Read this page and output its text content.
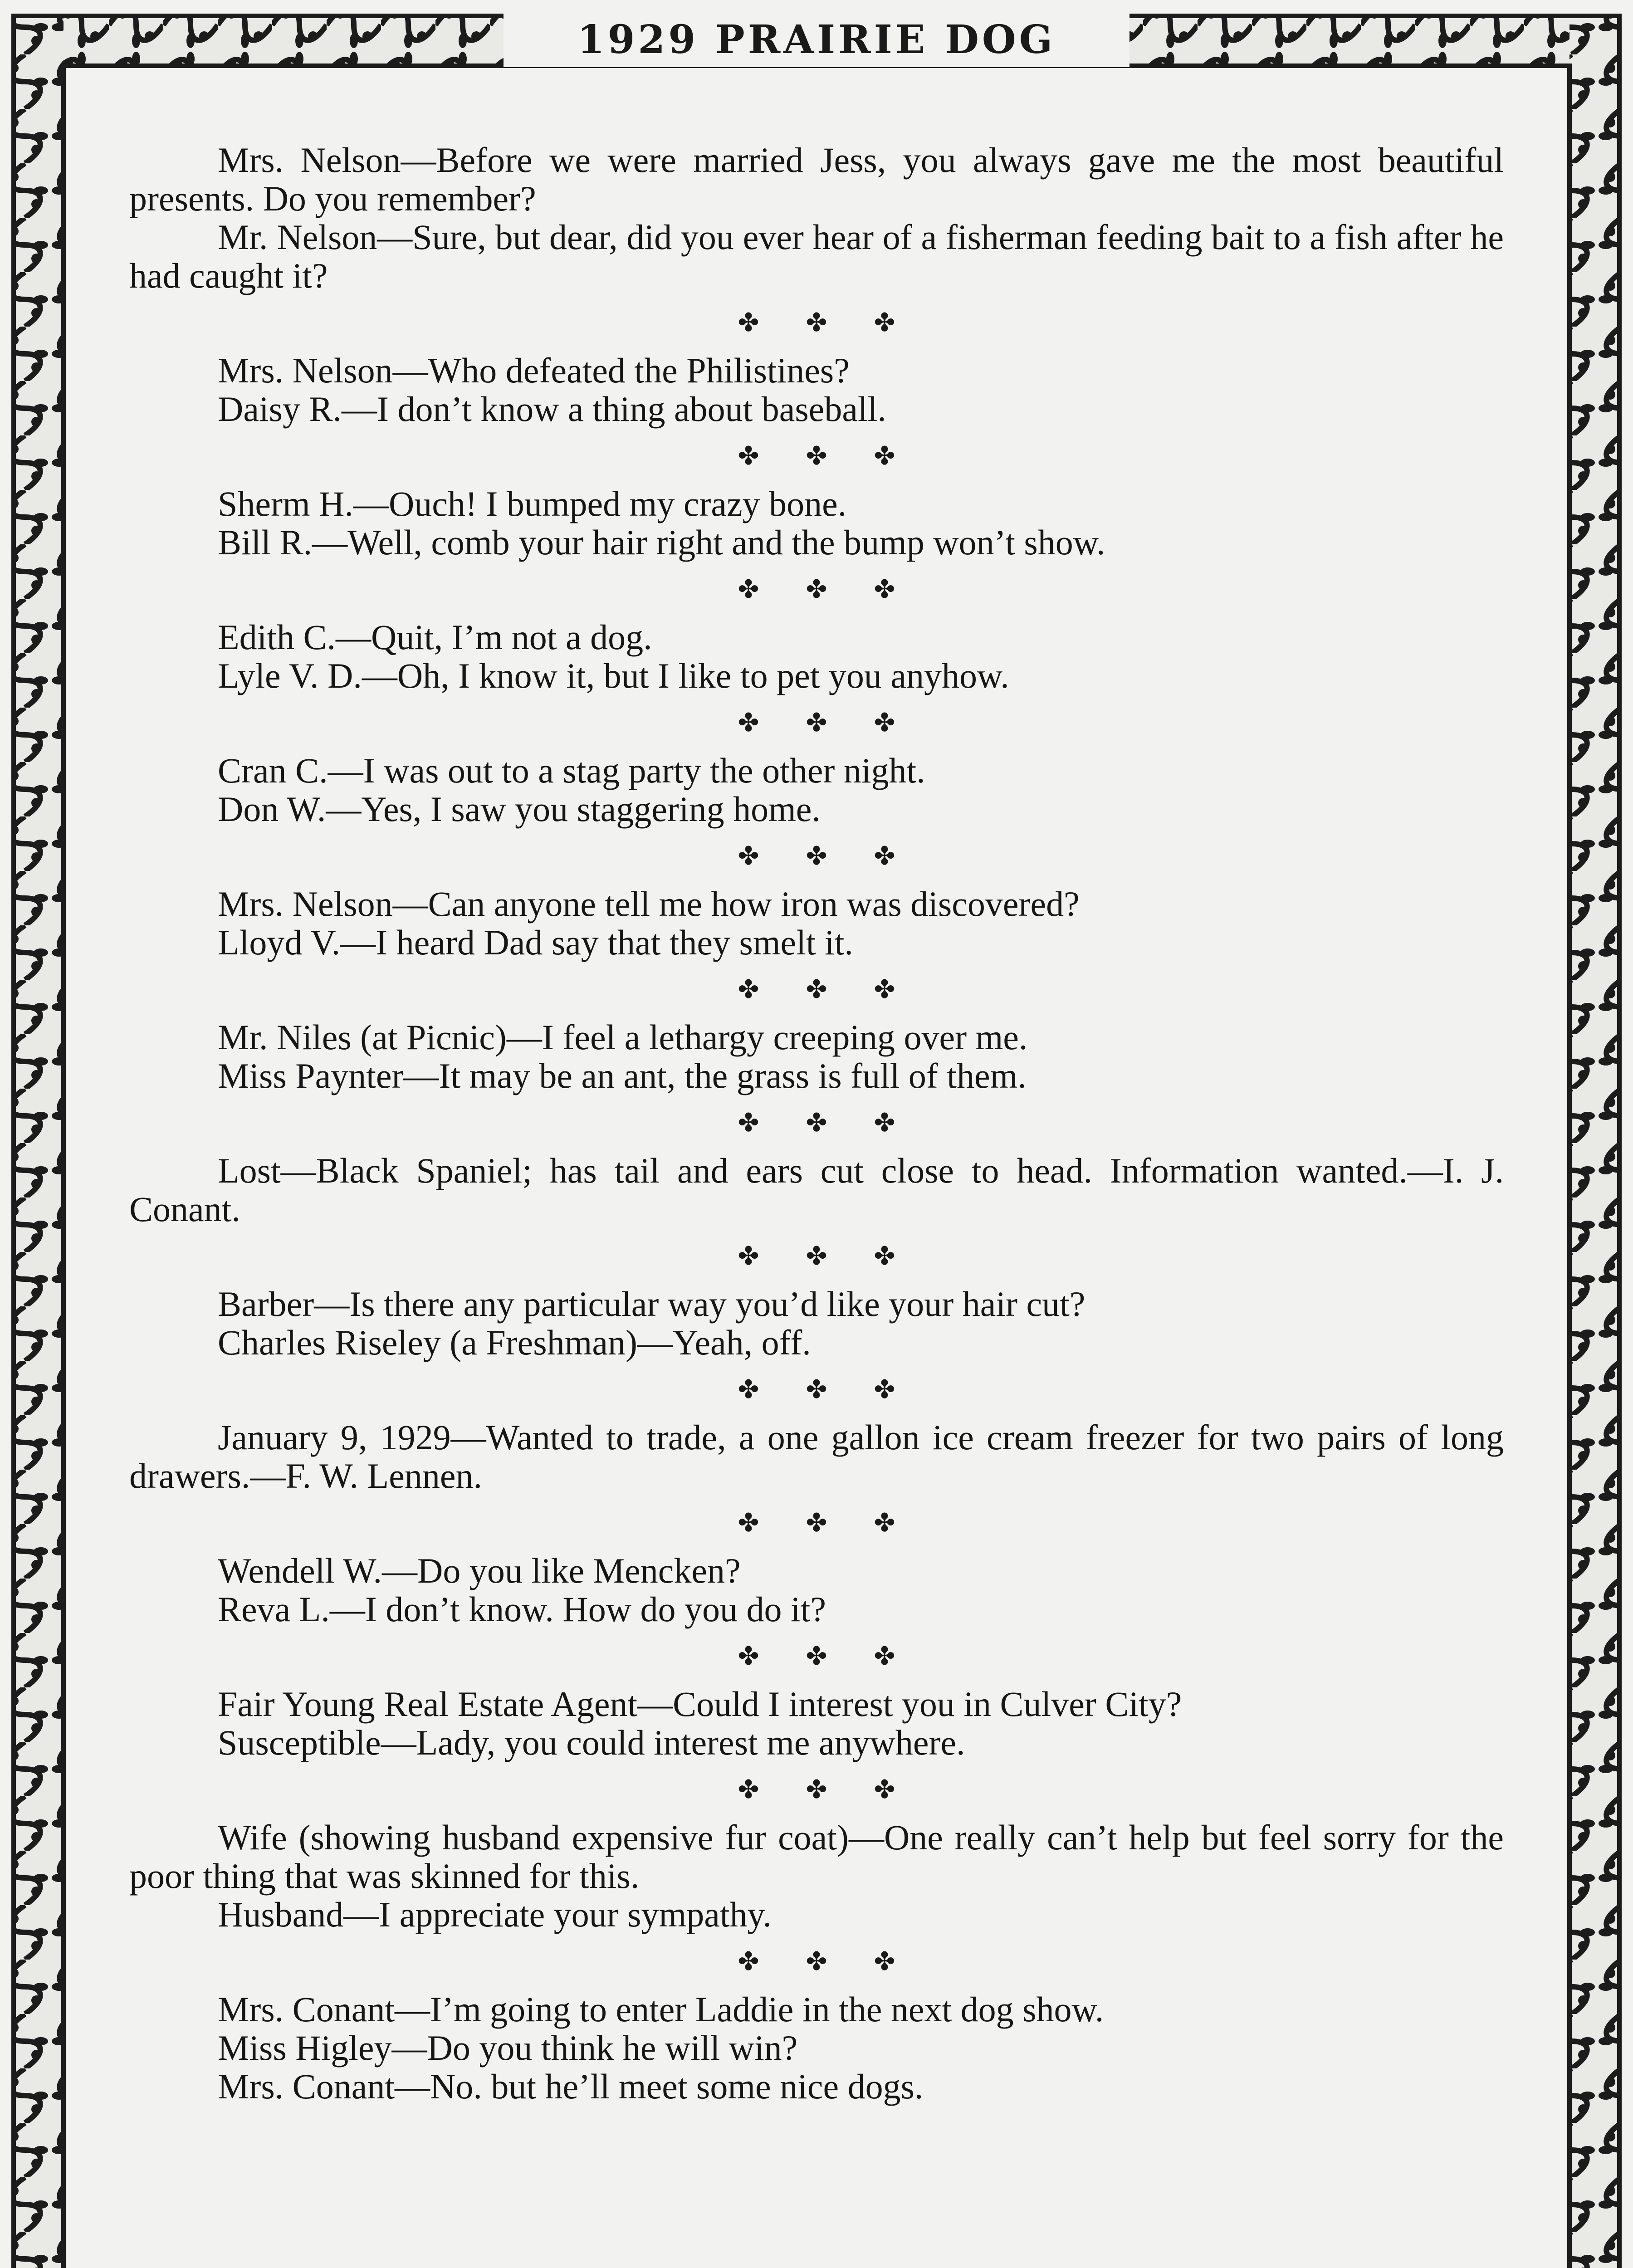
1929 PRAIRIE DOG

Mrs. Nelson—Before we were married Jess, you always gave me the most beautiful presents. Do you remember?

Mr. Nelson—Sure, but dear, did you ever hear of a fisherman feeding bait to a fish after he had caught it?

✤ ✤ ✤

Mrs. Nelson—Who defeated the Philistines?

Daisy R.—I don’t know a thing about baseball.

✤ ✤ ✤

Sherm H.—Ouch! I bumped my crazy bone.

Bill R.—Well, comb your hair right and the bump won’t show.

✤ ✤ ✤

Edith C.—Quit, I’m not a dog.

Lyle V. D.—Oh, I know it, but I like to pet you anyhow.

✤ ✤ ✤

Cran C.—I was out to a stag party the other night.

Don W.—Yes, I saw you staggering home.

✤ ✤ ✤

Mrs. Nelson—Can anyone tell me how iron was discovered?

Lloyd V.—I heard Dad say that they smelt it.

✤ ✤ ✤

Mr. Niles (at Picnic)—I feel a lethargy creeping over me.

Miss Paynter—It may be an ant, the grass is full of them.

✤ ✤ ✤

Lost—Black Spaniel; has tail and ears cut close to head. Information wanted.—I. J. Conant.

✤ ✤ ✤

Barber—Is there any particular way you’d like your hair cut?

Charles Riseley (a Freshman)—Yeah, off.

✤ ✤ ✤

January 9, 1929—Wanted to trade, a one gallon ice cream freezer for two pairs of long drawers.—F. W. Lennen.

✤ ✤ ✤

Wendell W.—Do you like Mencken?

Reva L.—I don’t know. How do you do it?

✤ ✤ ✤

Fair Young Real Estate Agent—Could I interest you in Culver City?

Susceptible—Lady, you could interest me anywhere.

✤ ✤ ✤

Wife (showing husband expensive fur coat)—One really can’t help but feel sorry for the poor thing that was skinned for this.

Husband—I appreciate your sympathy.

✤ ✤ ✤

Mrs. Conant—I’m going to enter Laddie in the next dog show.

Miss Higley—Do you think he will win?

Mrs. Conant—No. but he’ll meet some nice dogs.
